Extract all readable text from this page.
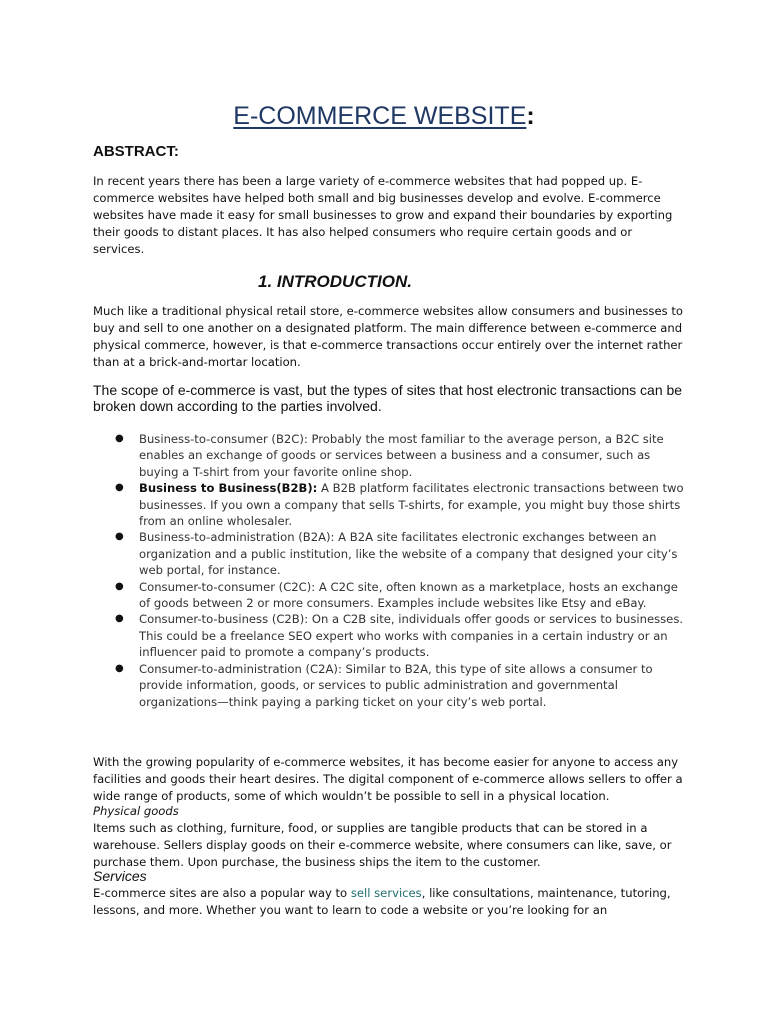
E-COMMERCE WEBSITE:
ABSTRACT:

In recent years there has been a large variety of e-commerce websites that had popped up. E-commerce websites have helped both small and big businesses develop and evolve. E-commerce websites have made it easy for small businesses to grow and expand their boundaries by exporting their goods to distant places. It has also helped consumers who require certain goods and or services.

1. INTRODUCTION.

Much like a traditional physical retail store, e-commerce websites allow consumers and businesses to buy and sell to one another on a designated platform. The main difference between e-commerce and physical commerce, however, is that e-commerce transactions occur entirely over the internet rather than at a brick-and-mortar location.

The scope of e-commerce is vast, but the types of sites that host electronic transactions can be broken down according to the parties involved.

● Business-to-consumer (B2C): Probably the most familiar to the average person, a B2C site enables an exchange of goods or services between a business and a consumer, such as buying a T-shirt from your favorite online shop.
● Business to Business(B2B): A B2B platform facilitates electronic transactions between two businesses. If you own a company that sells T-shirts, for example, you might buy those shirts from an online wholesaler.
● Business-to-administration (B2A): A B2A site facilitates electronic exchanges between an organization and a public institution, like the website of a company that designed your city’s web portal, for instance.
● Consumer-to-consumer (C2C): A C2C site, often known as a marketplace, hosts an exchange of goods between 2 or more consumers. Examples include websites like Etsy and eBay.
● Consumer-to-business (C2B): On a C2B site, individuals offer goods or services to businesses. This could be a freelance SEO expert who works with companies in a certain industry or an influencer paid to promote a company’s products.
● Consumer-to-administration (C2A): Similar to B2A, this type of site allows a consumer to provide information, goods, or services to public administration and governmental organizations—think paying a parking ticket on your city’s web portal.

With the growing popularity of e-commerce websites, it has become easier for anyone to access any facilities and goods their heart desires. The digital component of e-commerce allows sellers to offer a wide range of products, some of which wouldn’t be possible to sell in a physical location.

Physical goods

Items such as clothing, furniture, food, or supplies are tangible products that can be stored in a warehouse. Sellers display goods on their e-commerce website, where consumers can like, save, or purchase them. Upon purchase, the business ships the item to the customer.

Services

E-commerce sites are also a popular way to sell services, like consultations, maintenance, tutoring, lessons, and more. Whether you want to learn to code a website or you’re looking for an
